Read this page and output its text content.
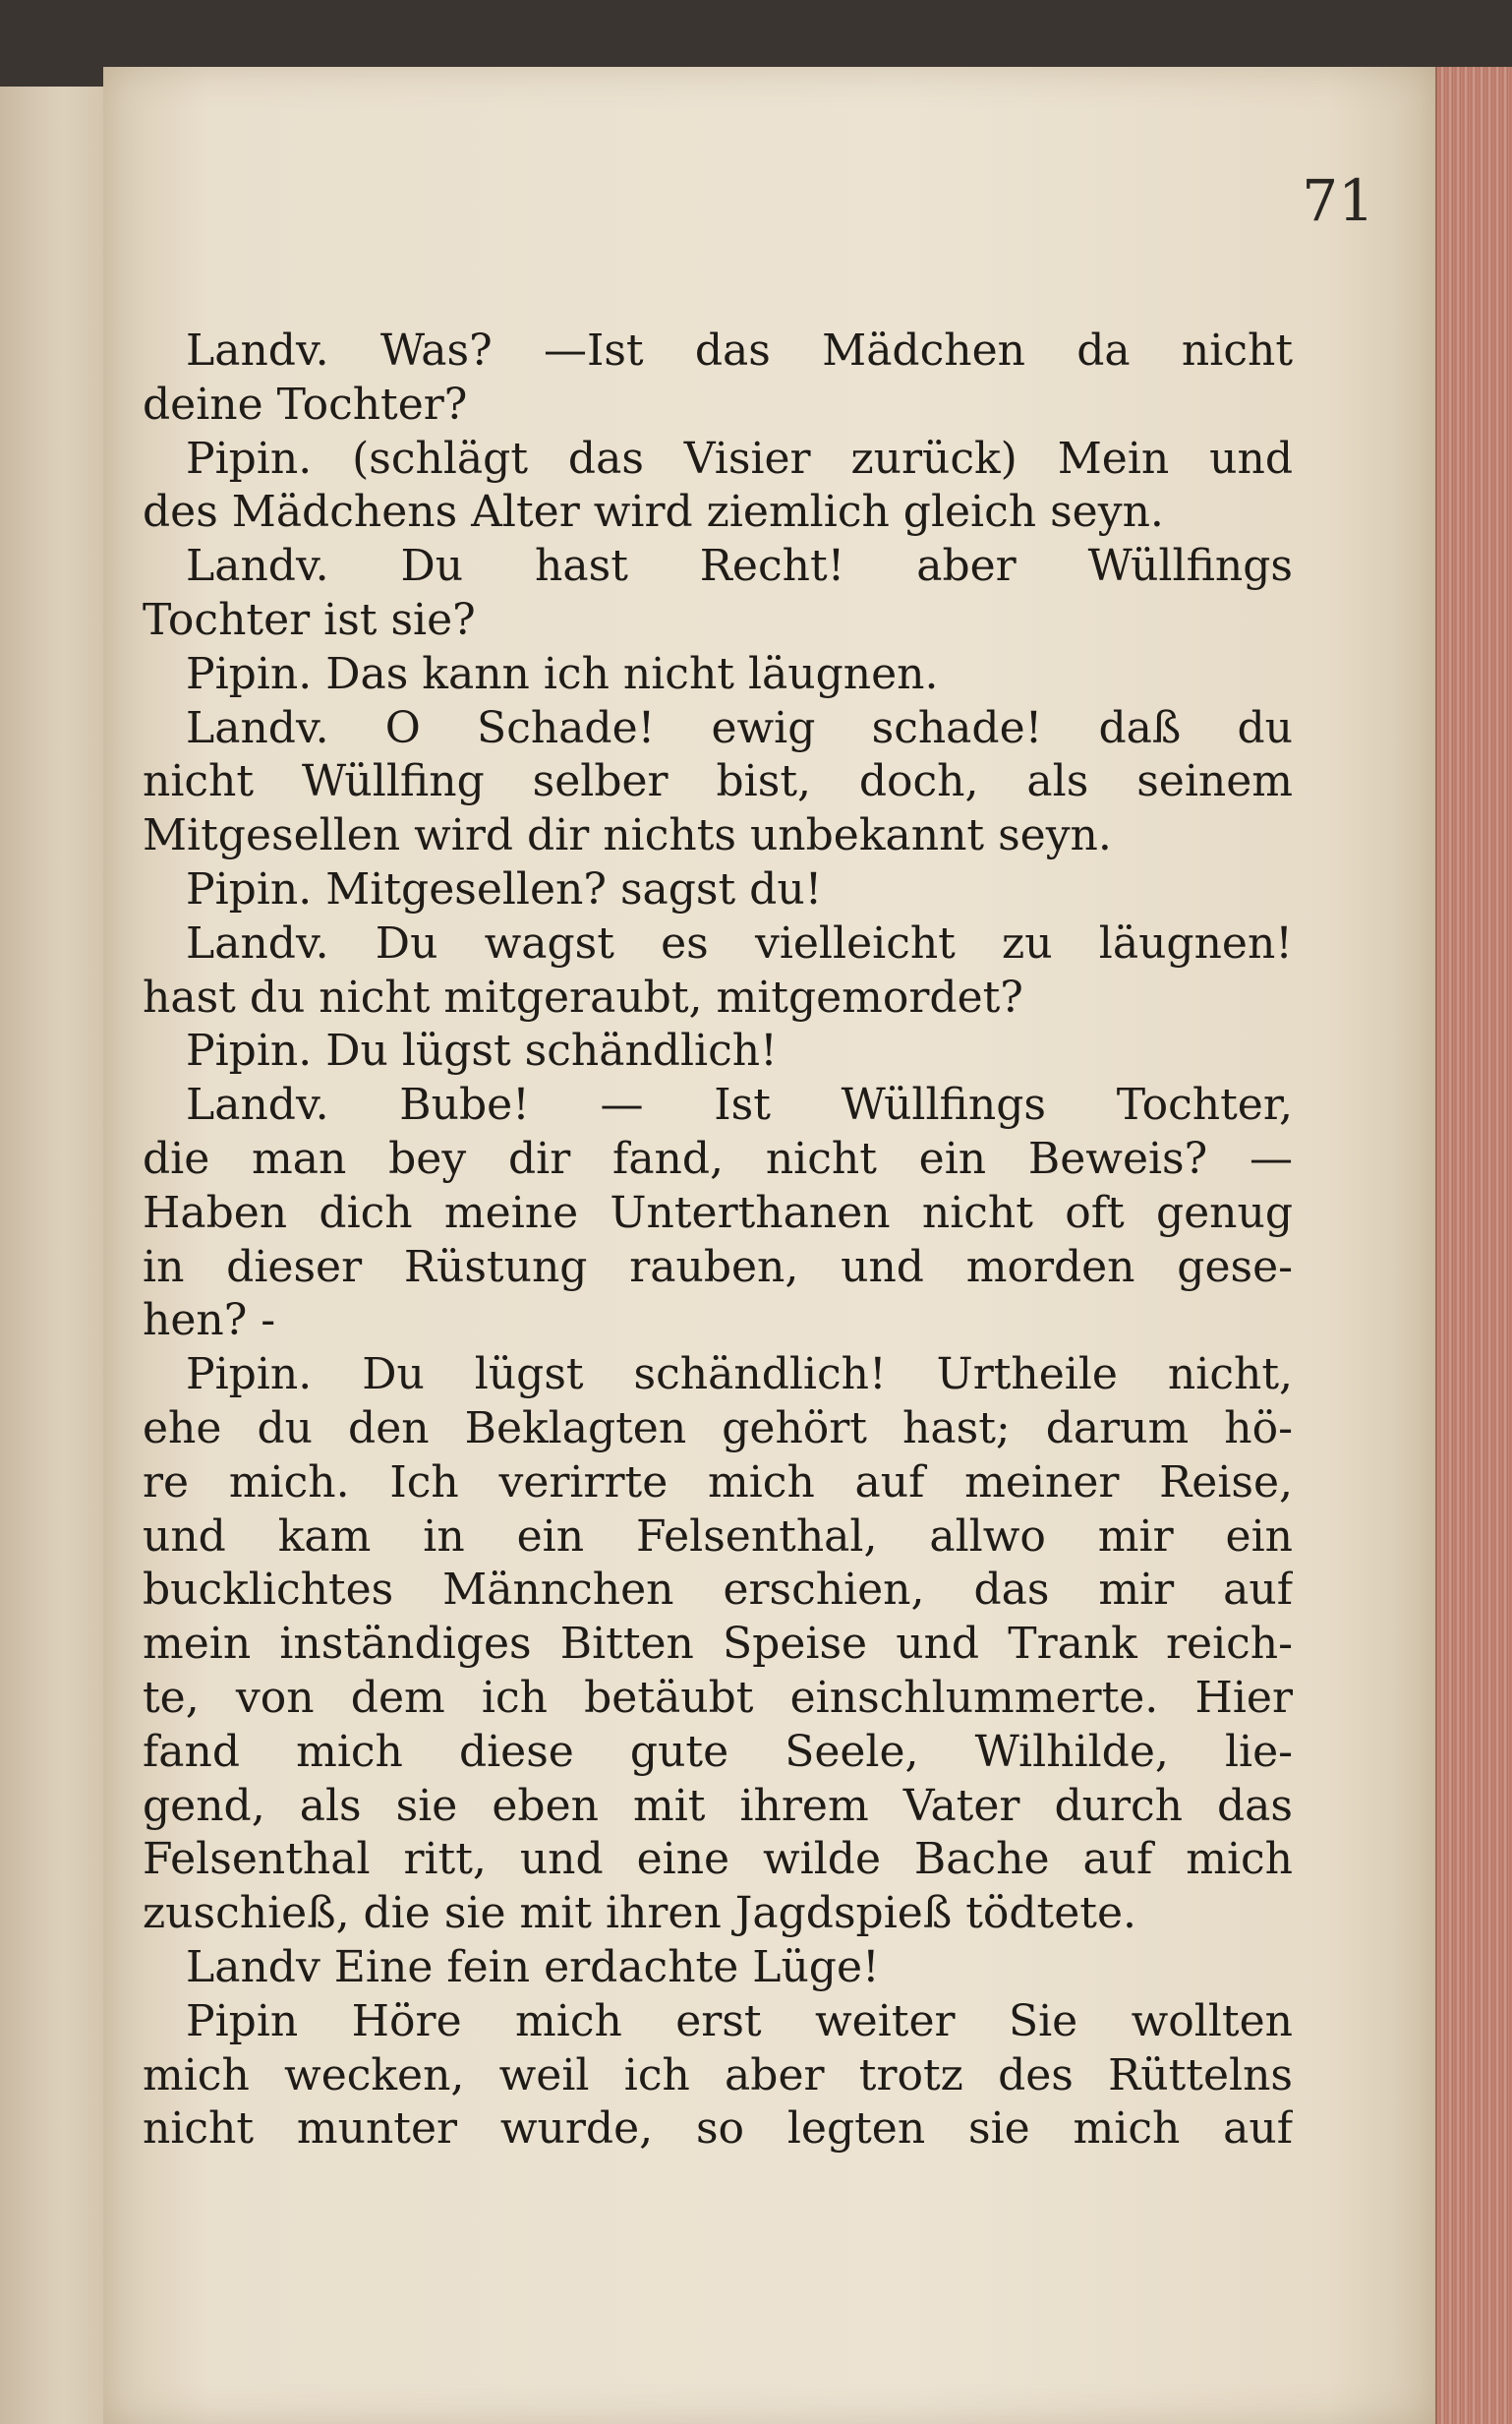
71
Landv. Was? —Ist das Mädchen da nicht
deine Tochter?
Pipin. (schlägt das Visier zurück) Mein und
des Mädchens Alter wird ziemlich gleich seyn.
Landv. Du hast Recht! aber Wüllfings
Tochter ist sie?
Pipin. Das kann ich nicht läugnen.
Landv. O Schade! ewig schade! daß du
nicht Wüllfing selber bist, doch, als seinem
Mitgesellen wird dir nichts unbekannt seyn.
Pipin. Mitgesellen? sagst du!
Landv. Du wagst es vielleicht zu läugnen!
hast du nicht mitgeraubt, mitgemordet?
Pipin. Du lügst schändlich!
Landv. Bube! — Ist Wüllfings Tochter,
die man bey dir fand, nicht ein Beweis? —
Haben dich meine Unterthanen nicht oft genug
in dieser Rüstung rauben, und morden gese-
hen? -
Pipin. Du lügst schändlich! Urtheile nicht,
ehe du den Beklagten gehört hast; darum hö-
re mich. Ich verirrte mich auf meiner Reise,
und kam in ein Felsenthal, allwo mir ein
bucklichtes Männchen erschien, das mir auf
mein inständiges Bitten Speise und Trank reich-
te, von dem ich betäubt einschlummerte. Hier
fand mich diese gute Seele, Wilhilde, lie-
gend, als sie eben mit ihrem Vater durch das
Felsenthal ritt, und eine wilde Bache auf mich
zuschieß, die sie mit ihren Jagdspieß tödtete.
Landv Eine fein erdachte Lüge!
Pipin Höre mich erst weiter Sie wollten
mich wecken, weil ich aber trotz des Rüttelns
nicht munter wurde, so legten sie mich auf
